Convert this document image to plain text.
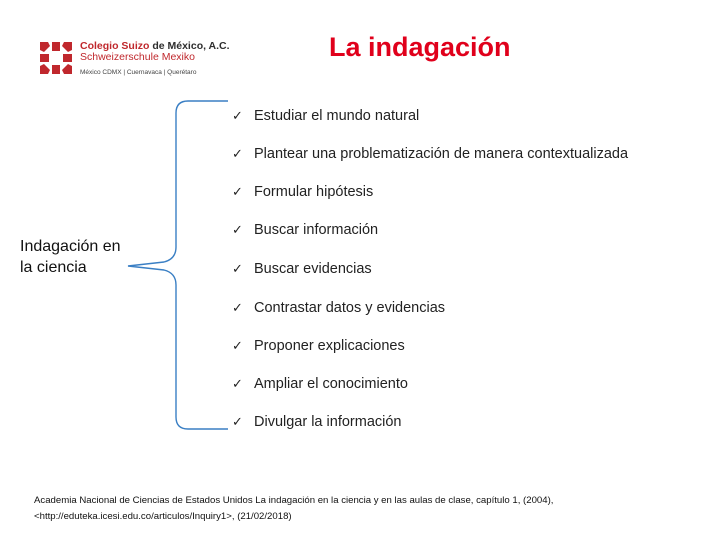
Colegio Suizo de México, A.C.
Schweizerschule Mexiko
México CDMX | Cuernavaca | Querétaro
La indagación
Indagación en la ciencia
✓ Estudiar el mundo natural
✓ Plantear una problematización de manera contextualizada
✓ Formular hipótesis
✓ Buscar información
✓ Buscar evidencias
✓ Contrastar datos y evidencias
✓ Proponer explicaciones
✓ Ampliar el conocimiento
✓ Divulgar la información
Academia Nacional de Ciencias de Estados Unidos La indagación en la ciencia y en las aulas de clase, capítulo 1, (2004),
<http://eduteka.icesi.edu.co/articulos/Inquiry1>, (21/02/2018)
